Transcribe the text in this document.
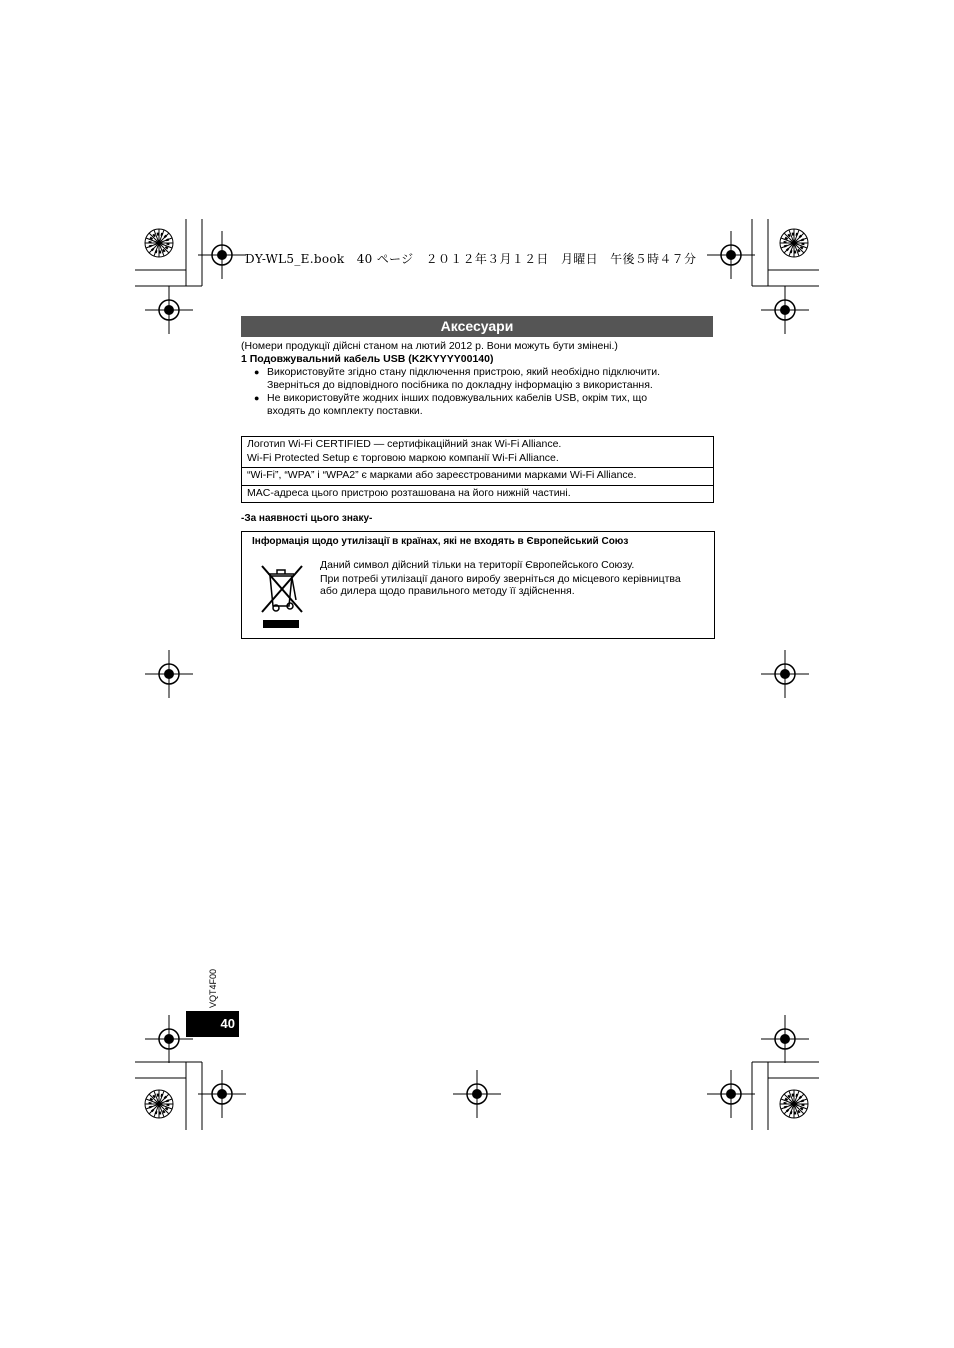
DY-WL5_E.book　40 ページ　２０１２年３月１２日　月曜日　午後５時４７分
Аксесуари
(Номери продукції дійсні станом на лютий 2012 р. Вони можуть бути змінені.)
1 Подовжувальний кабель USB (K2KYYYY00140)
● Використовуйте згідно стану підключення пристрою, який необхідно підключити.
Зверніться до відповідного посібника по докладну інформацію з використання.
● Не використовуйте жодних інших подовжувальних кабелів USB, окрім тих, що
входять до комплекту поставки.
Логотип Wi-Fi CERTIFIED — сертифікаційний знак Wi-Fi Alliance.
Wi-Fi Protected Setup є торговою маркою компанії Wi-Fi Alliance.
“Wi-Fi”, “WPA” і “WPA2” є марками або зареєстрованими марками Wi-Fi Alliance.
MAC-адреса цього пристрою розташована на його нижній частині.
-За наявності цього знаку-
Інформація щодо утилізації в країнах, які не входять в Європейський Союз
Даний символ дійсний тільки на території Європейського Союзу.
При потребі утилізації даного виробу зверніться до місцевого керівництва
або дилера щодо правильного методу її здійснення.
VQT4F00
40
